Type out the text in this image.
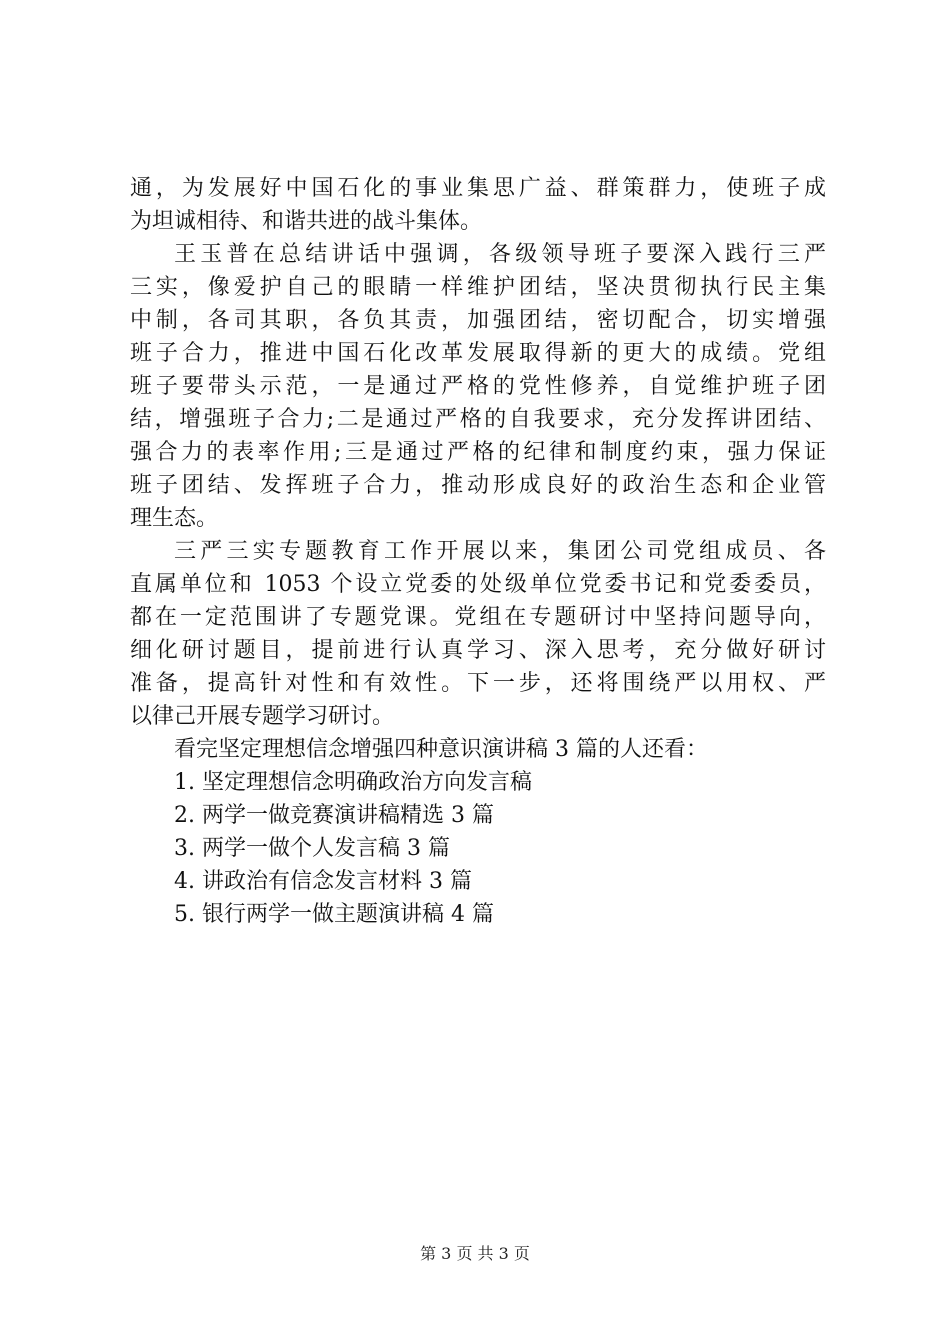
通，为发展好中国石化的事业集思广益、群策群力，使班子成
为坦诚相待、和谐共进的战斗集体。
王玉普在总结讲话中强调，各级领导班子要深入践行三严
三实，像爱护自己的眼睛一样维护团结，坚决贯彻执行民主集
中制，各司其职，各负其责，加强团结，密切配合，切实增强
班子合力，推进中国石化改革发展取得新的更大的成绩。党组
班子要带头示范，一是通过严格的党性修养，自觉维护班子团
结，增强班子合力;二是通过严格的自我要求，充分发挥讲团结、
强合力的表率作用;三是通过严格的纪律和制度约束，强力保证
班子团结、发挥班子合力，推动形成良好的政治生态和企业管
理生态。
三严三实专题教育工作开展以来，集团公司党组成员、各
直属单位和 1053 个设立党委的处级单位党委书记和党委委员，
都在一定范围讲了专题党课。党组在专题研讨中坚持问题导向，
细化研讨题目，提前进行认真学习、深入思考，充分做好研讨
准备，提高针对性和有效性。下一步，还将围绕严以用权、严
以律己开展专题学习研讨。
看完坚定理想信念增强四种意识演讲稿 3 篇的人还看：
1. 坚定理想信念明确政治方向发言稿
2. 两学一做竞赛演讲稿精选 3 篇
3. 两学一做个人发言稿 3 篇
4. 讲政治有信念发言材料 3 篇
5. 银行两学一做主题演讲稿 4 篇
第 3 页 共 3 页
